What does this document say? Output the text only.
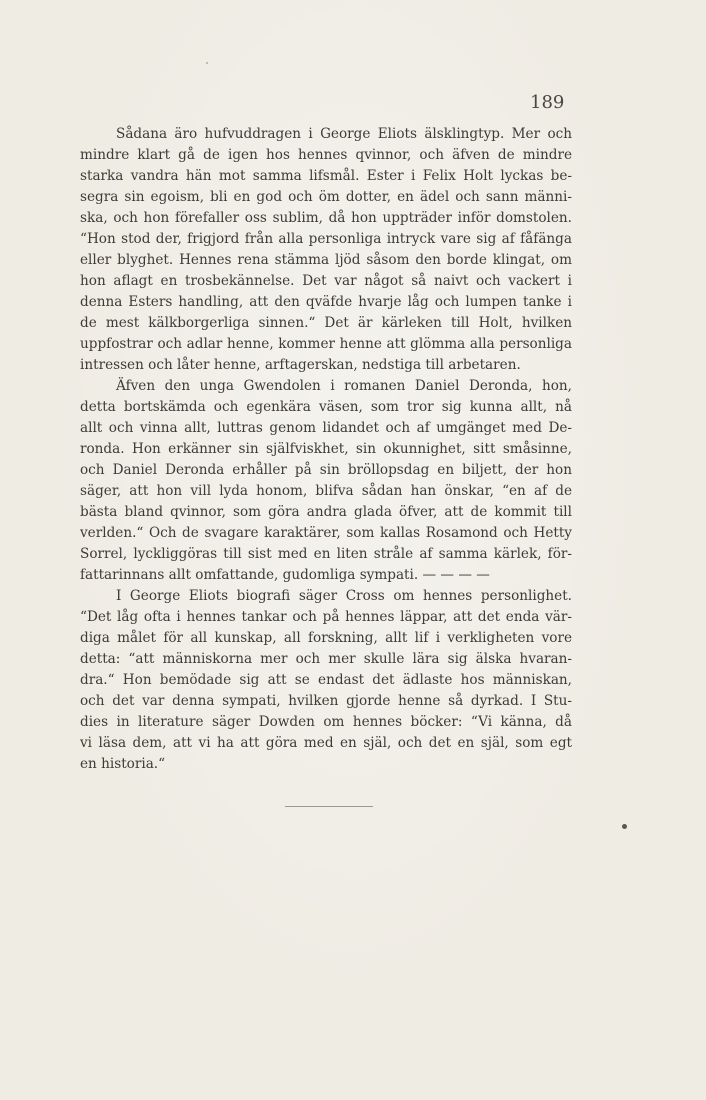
189
Sådana äro hufvuddragen i George Eliots älsklingtyp. Mer och
mindre klart gå de igen hos hennes qvinnor, och äfven de mindre
starka vandra hän mot samma lifsmål. Ester i Felix Holt lyckas be-
segra sin egoism, bli en god och öm dotter, en ädel och sann männi-
ska, och hon förefaller oss sublim, då hon uppträder inför domstolen.
“Hon stod der, frigjord från alla personliga intryck vare sig af fåfänga
eller blyghet. Hennes rena stämma ljöd såsom den borde klingat, om
hon aflagt en trosbekännelse. Det var något så naivt och vackert i
denna Esters handling, att den qväfde hvarje låg och lumpen tanke i
de mest kälkborgerliga sinnen.“ Det är kärleken till Holt, hvilken
uppfostrar och adlar henne, kommer henne att glömma alla personliga
intressen och låter henne, arftagerskan, nedstiga till arbetaren.
Äfven den unga Gwendolen i romanen Daniel Deronda, hon,
detta bortskämda och egenkära väsen, som tror sig kunna allt, nå
allt och vinna allt, luttras genom lidandet och af umgänget med De-
ronda. Hon erkänner sin själfviskhet, sin okunnighet, sitt småsinne,
och Daniel Deronda erhåller på sin bröllopsdag en biljett, der hon
säger, att hon vill lyda honom, blifva sådan han önskar, “en af de
bästa bland qvinnor, som göra andra glada öfver, att de kommit till
verlden.“ Och de svagare karaktärer, som kallas Rosamond och Hetty
Sorrel, lyckliggöras till sist med en liten stråle af samma kärlek, för-
fattarinnans allt omfattande, gudomliga sympati. — — — —
I George Eliots biografi säger Cross om hennes personlighet.
“Det låg ofta i hennes tankar och på hennes läppar, att det enda vär-
diga målet för all kunskap, all forskning, allt lif i verkligheten vore
detta: “att människorna mer och mer skulle lära sig älska hvaran-
dra.“ Hon bemödade sig att se endast det ädlaste hos människan,
och det var denna sympati, hvilken gjorde henne så dyrkad. I Stu-
dies in literature säger Dowden om hennes böcker: “Vi känna, då
vi läsa dem, att vi ha att göra med en själ, och det en själ, som egt
en historia.“
